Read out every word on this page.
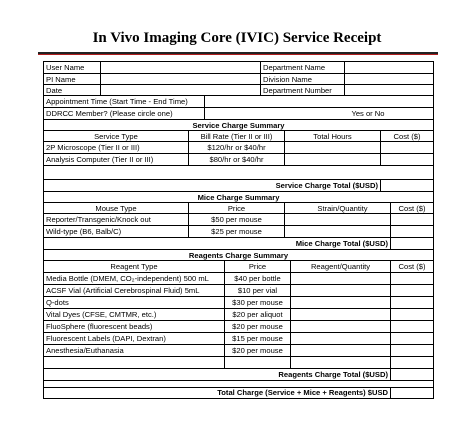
In Vivo Imaging Core (IVIC) Service Receipt
User Name	Department Name
PI Name	Division Name
Date	Department Number
Appointment Time (Start Time - End Time)
DDRCC Member? (Please circle one)	Yes or No
Service Charge Summary
Service Type	Bill Rate (Tier II or III)	Total Hours	Cost ($)
2P Microscope (Tier II or III)	$120/hr or $40/hr
Analysis Computer (Tier II or III)	$80/hr or $40/hr
Service Charge Total ($USD)
Mice Charge Summary
Mouse Type	Price	Strain/Quantity	Cost ($)
Reporter/Transgenic/Knock out	$50 per mouse
Wild-type (B6, Balb/C)	$25 per mouse
Mice Charge Total ($USD)
Reagents Charge Summary
Reagent Type	Price	Reagent/Quantity	Cost ($)
Media Bottle (DMEM, CO₂-independent) 500 mL	$40 per bottle
ACSF Vial (Artificial Cerebrospinal Fluid) 5mL	$10 per vial
Q-dots	$30 per mouse
Vital Dyes (CFSE, CMTMR, etc.)	$20 per aliquot
FluoSphere (fluorescent beads)	$20 per mouse
Fluorescent Labels (DAPI, Dextran)	$15 per mouse
Anesthesia/Euthanasia	$20 per mouse
Reagents Charge Total ($USD)
Total Charge (Service + Mice + Reagents) $USD
